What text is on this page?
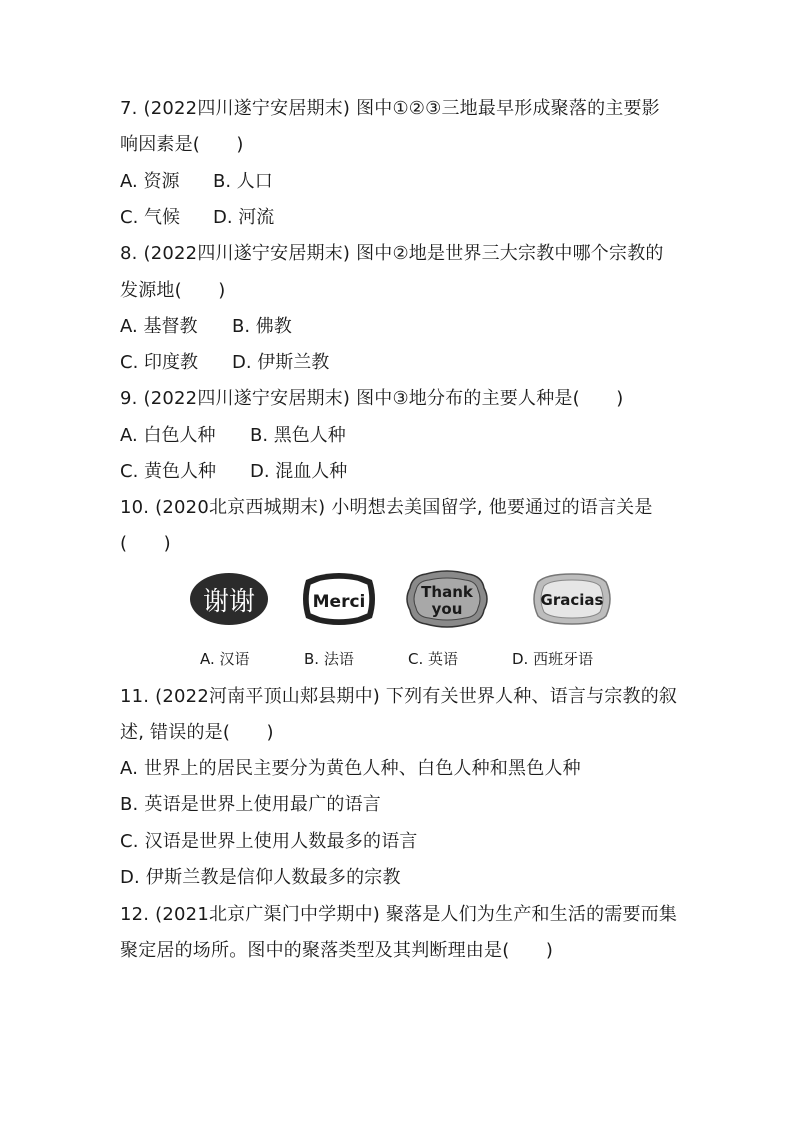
7. (2022四川遂宁安居期末) 图中①②③三地最早形成聚落的主要影
响因素是(　　)
A. 资源 B. 人口
C. 气候 D. 河流
8. (2022四川遂宁安居期末) 图中②地是世界三大宗教中哪个宗教的
发源地(　　)
A. 基督教 B. 佛教
C. 印度教 D. 伊斯兰教
9. (2022四川遂宁安居期末) 图中③地分布的主要人种是(　　)
A. 白色人种 B. 黑色人种
C. 黄色人种 D. 混血人种
10. (2020北京西城期末) 小明想去美国留学, 他要通过的语言关是
(　　)
谢谢	Merci	Thank
you	Gracias
A. 汉语	B. 法语	C. 英语	D. 西班牙语
11. (2022河南平顶山郏县期中) 下列有关世界人种、语言与宗教的叙
述, 错误的是(　　)
A. 世界上的居民主要分为黄色人种、白色人种和黑色人种
B. 英语是世界上使用最广的语言
C. 汉语是世界上使用人数最多的语言
D. 伊斯兰教是信仰人数最多的宗教
12. (2021北京广渠门中学期中) 聚落是人们为生产和生活的需要而集
聚定居的场所。图中的聚落类型及其判断理由是(　　)
